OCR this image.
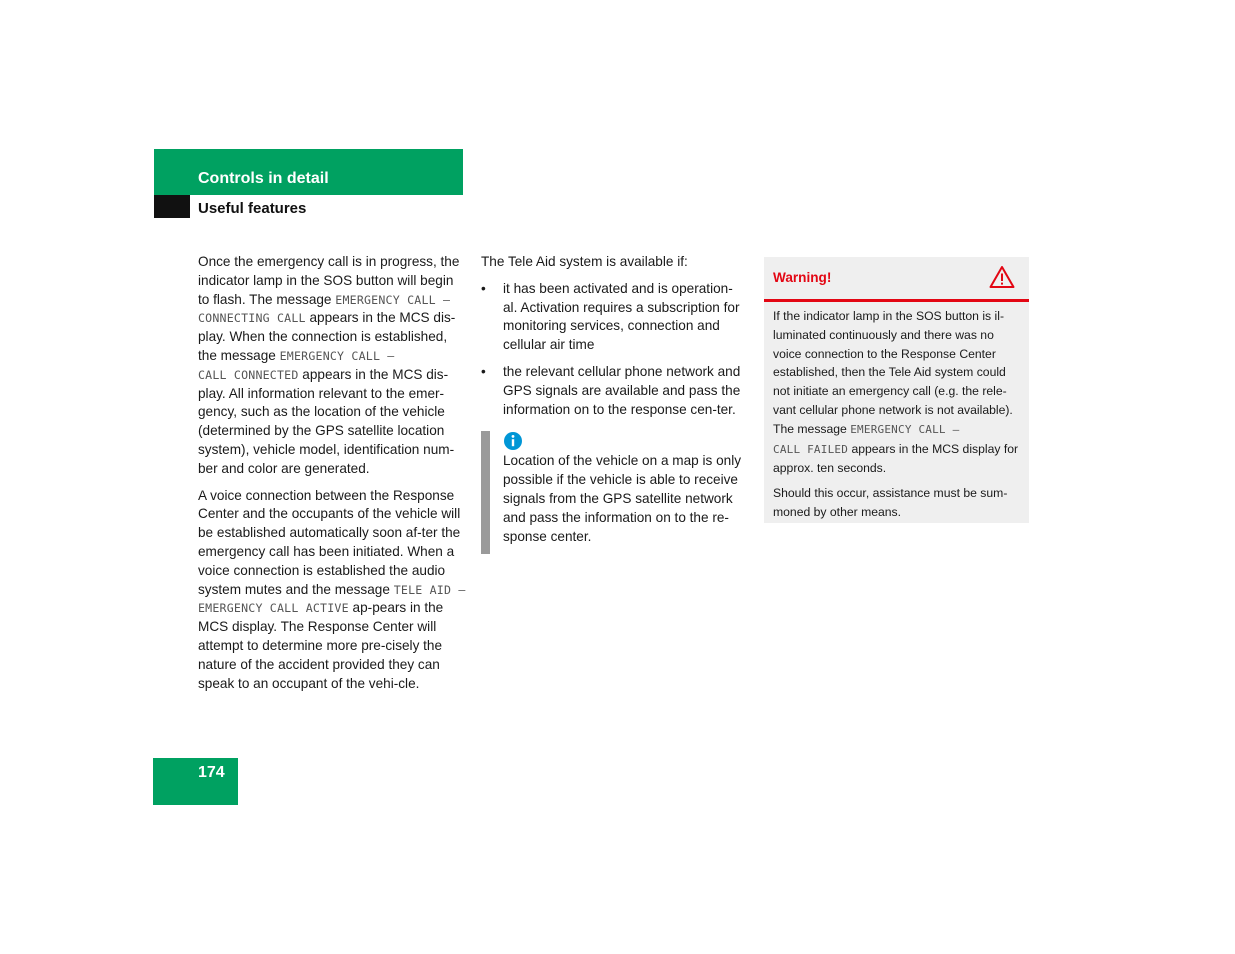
Controls in detail
Useful features

Once the emergency call is in progress, the indicator lamp in the SOS button will begin to flash. The message EMERGENCY CALL –
CONNECTING CALL appears in the MCS dis-play. When the connection is established, the message EMERGENCY CALL –
CALL CONNECTED appears in the MCS dis-play. All information relevant to the emer-gency, such as the location of the vehicle (determined by the GPS satellite location system), vehicle model, identification num-ber and color are generated.

A voice connection between the Response Center and the occupants of the vehicle will be established automatically soon af-ter the emergency call has been initiated. When a voice connection is established the audio system mutes and the message TELE AID – EMERGENCY CALL ACTIVE ap-pears in the MCS display. The Response Center will attempt to determine more pre-cisely the nature of the accident provided they can speak to an occupant of the vehi-cle.

The Tele Aid system is available if:

• it has been activated and is operation-al. Activation requires a subscription for monitoring services, connection and cellular air time
• the relevant cellular phone network and GPS signals are available and pass the information on to the response cen-ter.
Location of the vehicle on a map is only possible if the vehicle is able to receive signals from the GPS satellite network and pass the information on to the re-sponse center.
Warning!

If the indicator lamp in the SOS button is il-luminated continuously and there was no voice connection to the Response Center established, then the Tele Aid system could not initiate an emergency call (e.g. the rele-vant cellular phone network is not available). The message EMERGENCY CALL –
CALL FAILED appears in the MCS display for approx. ten seconds.

Should this occur, assistance must be sum-moned by other means.

174
